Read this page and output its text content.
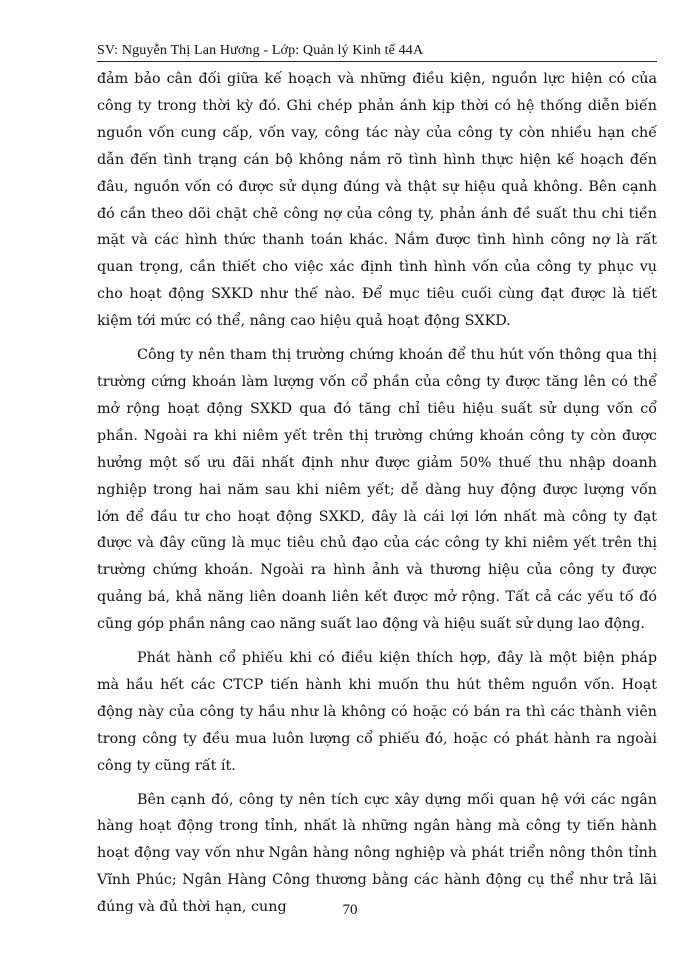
SV: Nguyễn Thị Lan Hương - Lớp: Quản lý Kinh tế 44A

đảm bảo cân đối giữa kế hoạch và những điều kiện, nguồn lực hiện có của công ty trong thời kỳ đó. Ghi chép phản ánh kịp thời có hệ thống diễn biến nguồn vốn cung cấp, vốn vay, công tác này của công ty còn nhiều hạn chế dẫn đến tình trạng cán bộ không nắm rõ tình hình thực hiện kế hoạch đến đâu, nguồn vốn có được sử dụng đúng và thật sự hiệu quả không. Bên cạnh đó cần theo dõi chặt chẽ công nợ của công ty, phản ánh đề suất thu chi tiền mặt và các hình thức thanh toán khác. Nắm được tình hình công nợ là rất quan trọng, cần thiết cho việc xác định tình hình vốn của công ty phục vụ cho hoạt động SXKD như thế nào. Để mục tiêu cuối cùng đạt được là tiết kiệm tới mức có thể, nâng cao hiệu quả hoạt động SXKD.

Công ty nên tham thị trường chứng khoán để thu hút vốn thông qua thị trường cứng khoán làm lượng vốn cổ phần của công ty được tăng lên có thể mở rộng hoạt động SXKD qua đó tăng chỉ tiêu hiệu suất sử dụng vốn cổ phần. Ngoài ra khi niêm yết trên thị trường chứng khoán công ty còn được hưởng một số ưu đãi nhất định như được giảm 50% thuế thu nhập doanh nghiệp trong hai năm sau khi niêm yết; dễ dàng huy động được lượng vốn lớn để đầu tư cho hoạt động SXKD, đây là cái lợi lớn nhất mà công ty đạt được và đây cũng là mục tiêu chủ đạo của các công ty khi niêm yết trên thị trường chứng khoán. Ngoài ra hình ảnh và thương hiệu của công ty được quảng bá, khả năng liên doanh liên kết được mở rộng. Tất cả các yếu tố đó cũng góp phần nâng cao năng suất lao động và hiệu suất sử dụng lao động.

Phát hành cổ phiếu khi có điều kiện thích hợp, đây là một biện pháp mà hầu hết các CTCP tiến hành khi muốn thu hút thêm nguồn vốn. Hoạt động này của công ty hầu như là không có hoặc có bán ra thì các thành viên trong công ty đều mua luôn lượng cổ phiếu đó, hoặc có phát hành ra ngoài công ty cũng rất ít.

Bên cạnh đó, công ty nên tích cực xây dựng mối quan hệ với các ngân hàng hoạt động trong tỉnh, nhất là những ngân hàng mà công ty tiến hành hoạt động vay vốn như Ngân hàng nông nghiệp và phát triển nông thôn tỉnh Vĩnh Phúc; Ngân Hàng Công thương bằng các hành động cụ thể như trả lãi đúng và đủ thời hạn, cung	70
